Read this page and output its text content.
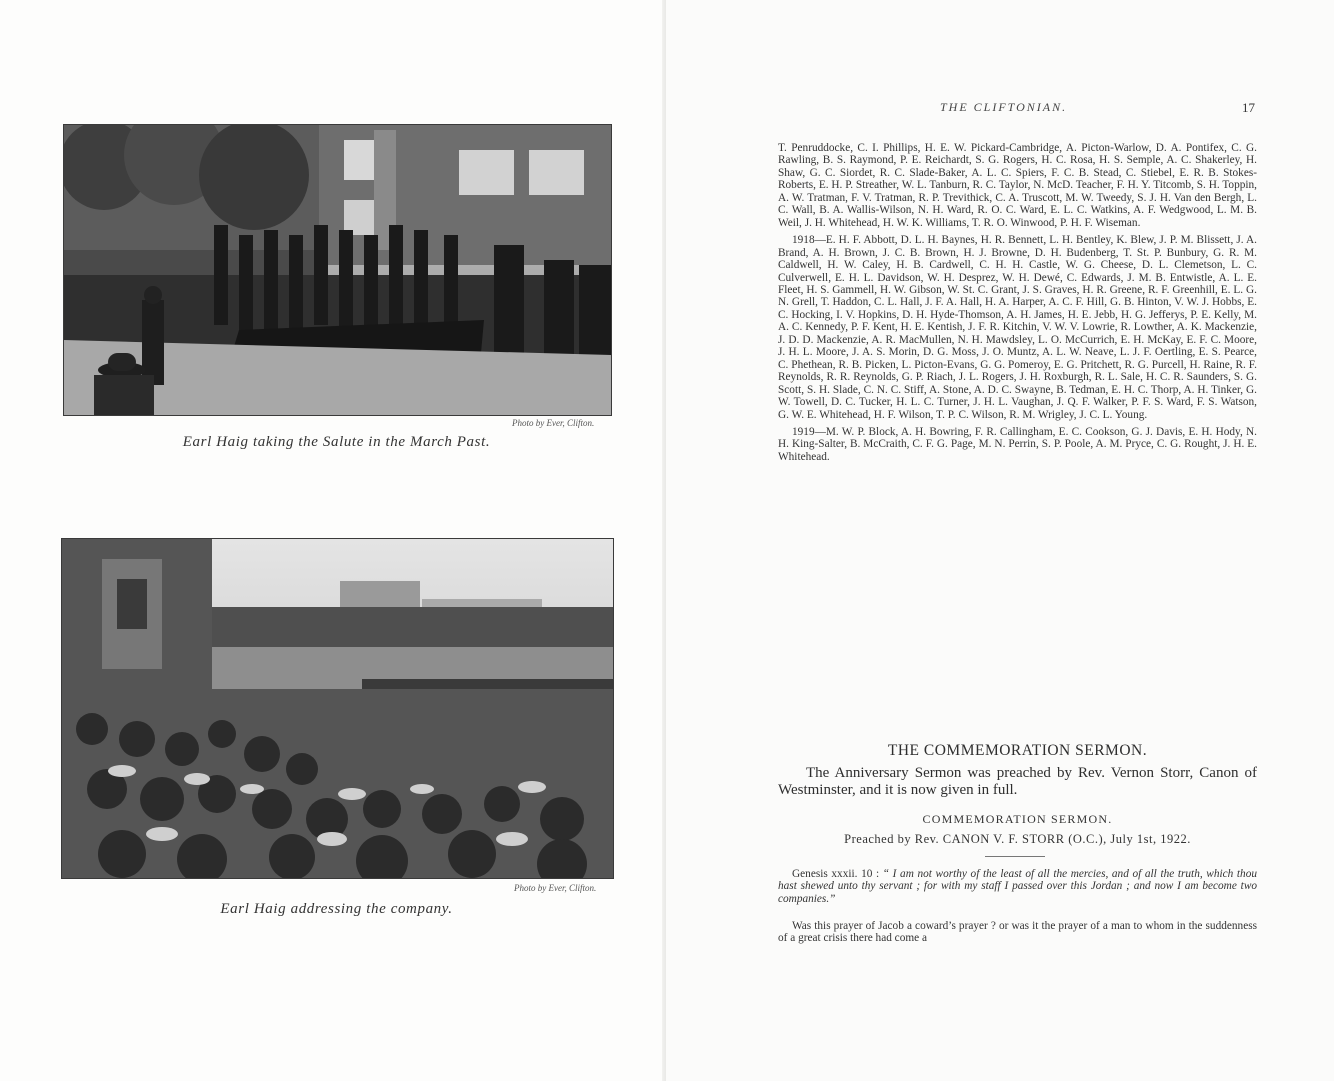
Photo by Ever, Clifton.
Earl Haig taking the Salute in the March Past.
Photo by Ever, Clifton.
Earl Haig addressing the company.
THE CLIFTONIAN.	17

T. Penruddocke, C. I. Phillips, H. E. W. Pickard-Cambridge, A. Picton-Warlow, D. A. Pontifex, C. G. Rawling, B. S. Raymond, P. E. Reichardt, S. G. Rogers, H. C. Rosa, H. S. Semple, A. C. Shakerley, H. Shaw, G. C. Siordet, R. C. Slade-Baker, A. L. C. Spiers, F. C. B. Stead, C. Stiebel, E. R. B. Stokes-Roberts, E. H. P. Streather, W. L. Tanburn, R. C. Taylor, N. McD. Teacher, F. H. Y. Titcomb, S. H. Toppin, A. W. Tratman, F. V. Tratman, R. P. Trevithick, C. A. Truscott, M. W. Tweedy, S. J. H. Van den Bergh, L. C. Wall, B. A. Wallis-Wilson, N. H. Ward, R. O. C. Ward, E. L. C. Watkins, A. F. Wedgwood, L. M. B. Weil, J. H. Whitehead, H. W. K. Williams, T. R. O. Winwood, P. H. F. Wiseman.

1918—E. H. F. Abbott, D. L. H. Baynes, H. R. Bennett, L. H. Bentley, K. Blew, J. P. M. Blissett, J. A. Brand, A. H. Brown, J. C. B. Brown, H. J. Browne, D. H. Budenberg, T. St. P. Bunbury, G. R. M. Caldwell, H. W. Caley, H. B. Cardwell, C. H. H. Castle, W. G. Cheese, D. L. Clemetson, L. C. Culverwell, E. H. L. Davidson, W. H. Desprez, W. H. Dewé, C. Edwards, J. M. B. Entwistle, A. L. E. Fleet, H. S. Gammell, H. W. Gibson, W. St. C. Grant, J. S. Graves, H. R. Greene, R. F. Greenhill, E. L. G. N. Grell, T. Haddon, C. L. Hall, J. F. A. Hall, H. A. Harper, A. C. F. Hill, G. B. Hinton, V. W. J. Hobbs, E. C. Hocking, I. V. Hopkins, D. H. Hyde-Thomson, A. H. James, H. E. Jebb, H. G. Jefferys, P. E. Kelly, M. A. C. Kennedy, P. F. Kent, H. E. Kentish, J. F. R. Kitchin, V. W. V. Lowrie, R. Lowther, A. K. Mackenzie, J. D. D. Mackenzie, A. R. MacMullen, N. H. Mawdsley, L. O. McCurrich, E. H. McKay, E. F. C. Moore, J. H. L. Moore, J. A. S. Morin, D. G. Moss, J. O. Muntz, A. L. W. Neave, L. J. F. Oertling, E. S. Pearce, C. Phethean, R. B. Picken, L. Picton-Evans, G. G. Pomeroy, E. G. Pritchett, R. G. Purcell, H. Raine, R. F. Reynolds, R. R. Reynolds, G. P. Riach, J. L. Rogers, J. H. Roxburgh, R. L. Sale, H. C. R. Saunders, S. G. Scott, S. H. Slade, C. N. C. Stiff, A. Stone, A. D. C. Swayne, B. Tedman, E. H. C. Thorp, A. H. Tinker, G. W. Towell, D. C. Tucker, H. L. C. Turner, J. H. L. Vaughan, J. Q. F. Walker, P. F. S. Ward, F. S. Watson, G. W. E. Whitehead, H. F. Wilson, T. P. C. Wilson, R. M. Wrigley, J. C. L. Young.

1919—M. W. P. Block, A. H. Bowring, F. R. Callingham, E. C. Cookson, G. J. Davis, E. H. Hody, N. H. King-Salter, B. McCraith, C. F. G. Page, M. N. Perrin, S. P. Poole, A. M. Pryce, C. G. Rought, J. H. E. Whitehead.

THE COMMEMORATION SERMON.
The Anniversary Sermon was preached by Rev. Vernon Storr, Canon of Westminster, and it is now given in full.
COMMEMORATION SERMON.
Preached by Rev. CANON V. F. STORR (O.C.), July 1st, 1922.
Genesis xxxii. 10 : “ I am not worthy of the least of all the mercies, and of all the truth, which thou hast shewed unto thy servant ; for with my staff I passed over this Jordan ; and now I am become two companies.”
Was this prayer of Jacob a coward’s prayer ? or was it the prayer of a man to whom in the suddenness of a great crisis there had come a
